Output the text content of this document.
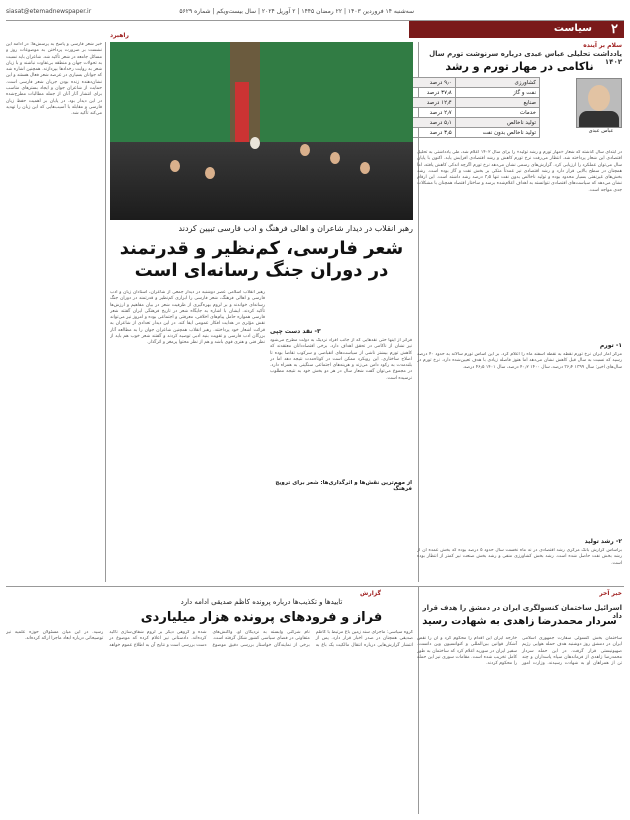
siasat@etemadnewspaper.ir	سه‌شنبه ۱۴ فروردین ۱۴۰۳ | ۲۲ رمضان ۱۴۴۵ | ۲ آوریل ۲۰۲۴ | سال بیست‌و‌یکم | شماره ۵۶۲۹
۲
سیاست
راهبرد
سلام بر آینده
یادداشت تحلیلی عباس عبدی درباره سرنوشت تورم سال ۱۴۰۲
ناکامی در مهار تورم و رشد
عباس عبدی
کشاورزی	۹٫۰ درصد
نفت و گاز	۳۷٫۸ درصد
صنایع	۱۲٫۴ درصد
خدمات	۲٫۷ درصد
تولید ناخالص	۵٫۱ درصد
تولید ناخالص بدون نفت	۳٫۵ درصد
در ابتدای سال گذشته که شعار «مهار تورم و رشد تولید» را برای سال ۱۴۰۲ اعلام شد، طی یادداشتی به تحلیل اقتصادی این شعار پرداخته شد. انتظار می‌رفت نرخ تورم کاهش و رشد اقتصادی افزایش یابد. اکنون با پایان سال می‌توان عملکرد را ارزیابی کرد. گزارش‌های رسمی نشان می‌دهد نرخ تورم اگرچه اندکی کاهش یافته، اما همچنان در سطح بالایی قرار دارد و رشد اقتصادی نیز عمدتاً متکی بر بخش نفت و گاز بوده است. رشد بخش‌های غیرنفتی بسیار محدود بوده و تولید ناخالص بدون نفت تنها ۳٫۵ درصد رشد داشته است. این ارقام نشان می‌دهد که سیاست‌های اقتصادی نتوانسته به اهداف اعلام‌شده برسد و ساختار اقتصاد همچنان با مشکلات جدی مواجه است.
۱- تورم
مرکز آمار ایران نرخ تورم نقطه به نقطه اسفند ماه را اعلام کرد. بر این اساس تورم سالانه به حدود ۴۰ درصد رسید که نسبت به سال قبل کاهش نشان می‌دهد اما هنوز فاصله زیادی با هدف تعیین‌شده دارد. نرخ تورم در سال‌های اخیر: سال ۱۳۹۹ ۳۶٫۴ درصد، سال ۱۴۰۰ ۴۰٫۲ درصد، سال ۱۴۰۱ ۴۶٫۵ درصد.
۲- رشد تولید
براساس گزارش بانک مرکزی رشد اقتصادی در نه ماه نخست سال حدود ۵ درصد بوده که بخش عمده آن از رشد بخش نفت حاصل شده است. رشد بخش کشاورزی منفی و رشد بخش صنعت نیز کمتر از انتظار بوده است.
۳- نقد دست چپی
فراتر از اینها حتی نقدهایی که از جانب افراد نزدیک به دولت مطرح می‌شود نیز نشان از ناکامی در تحقق اهداف دارد. برخی اقتصاددانان معتقدند که کاهش تورم بیشتر ناشی از سیاست‌های انقباضی و سرکوب تقاضا بوده تا اصلاح ساختاری. این رویکرد ممکن است در کوتاه‌مدت نتیجه دهد اما در بلندمدت به رکود دامن می‌زند و هزینه‌های اجتماعی سنگینی به همراه دارد. در مجموع می‌توان گفت شعار سال در هر دو بخش خود به نتیجه مطلوب نرسیده است.
رهبر انقلاب در دیدار شاعران و اهالی فرهنگ و ادب فارسی تبیین کردند
شعر فارسی، کم‌نظیر و قدرتمند در دوران جنگ رسانه‌ای است
رهبر انقلاب اسلامی عصر دوشنبه در دیدار جمعی از شاعران، استادان زبان و ادب فارسی و اهالی فرهنگ، شعر فارسی را ابزاری کم‌نظیر و قدرتمند در دوران جنگ رسانه‌ای خواندند و بر لزوم بهره‌گیری از ظرفیت شعر در بیان مفاهیم و ارزش‌ها تأکید کردند. ایشان با اشاره به جایگاه شعر در تاریخ فرهنگی ایران گفتند شعر فارسی همواره حامل پیام‌های اخلاقی، معرفتی و اجتماعی بوده و امروز نیز می‌تواند نقش مؤثری در هدایت افکار عمومی ایفا کند. در این دیدار تعدادی از شاعران به قرائت اشعار خود پرداختند. رهبر انقلاب همچنین شاعران جوان را به مطالعه آثار بزرگان ادب فارسی و تقویت بنیه ادبی توصیه کردند و گفتند شعر خوب هم باید از نظر فنی و هنری قوی باشد و هم از نظر محتوا پرمغز و اثرگذار.
از مهم‌ترین نقش‌ها و اثرگذاری‌ها: شعر برای ترویج فرهنگ
خبر شعر فارسی و پاسخ به پرسش‌ها: در ادامه این نشست بر ضرورت پرداختن به موضوعات روز و مسائل جامعه در شعر تأکید شد. شاعران باید نسبت به تحولات جهان و منطقه بی‌تفاوت نباشند و با زبان شعر به روایت رخدادها بپردازند. همچنین اشاره شد که جوانان بسیاری در عرصه شعر فعال هستند و این نشان‌دهنده زنده بودن جریان شعر فارسی است. حمایت از شاعران جوان و ایجاد بسترهای مناسب برای انتشار آثار آنان از جمله مطالبات مطرح‌شده در این دیدار بود. در پایان بر اهمیت حفظ زبان فارسی و مقابله با آسیب‌هایی که این زبان را تهدید می‌کند تأکید شد.
گزارش	خبر آخر
تایید‌ها و تکذیب‌ها درباره پرونده کاظم صدیقی ادامه دارد
فراز و فرودهای پرونده هزار میلیاردی
گروه سیاسی: ماجرای سند زمین باغ مرتبط با کاظم صدیقی همچنان در صدر اخبار قرار دارد. پس از انتشار گزارش‌هایی درباره انتقال مالکیت یک باغ به نام شرکتی وابسته به نزدیکان او، واکنش‌های متفاوتی در فضای سیاسی کشور شکل گرفته است. برخی از نمایندگان خواستار بررسی دقیق موضوع شده و گروهی دیگر بر لزوم شفاف‌سازی تأکید کرده‌اند. دادستانی نیز اعلام کرده که موضوع در دست بررسی است و نتایج آن به اطلاع عموم خواهد رسید. در این میان مسئولان حوزه علمیه نیز توضیحاتی درباره ابعاد ماجرا ارائه کرده‌اند.
اسرائیل ساختمان کنسولگری ایران در دمشق را هدف قرار داد
سردار محمدرضا زاهدی به شهادت رسید
ساختمان بخش کنسولی سفارت جمهوری اسلامی ایران در دمشق روز دوشنبه هدف حمله هوایی رژیم صهیونیستی قرار گرفت. در این حمله سردار محمدرضا زاهدی از فرماندهان سپاه پاسداران و چند تن از همراهان او به شهادت رسیدند. وزارت امور خارجه ایران این اقدام را محکوم کرد و آن را نقض آشکار قوانین بین‌المللی و کنوانسیون وین دانست. سفیر ایران در سوریه اعلام کرد که ساختمان به طور کامل تخریب شده است. مقامات سوری نیز این حمله را محکوم کردند.
